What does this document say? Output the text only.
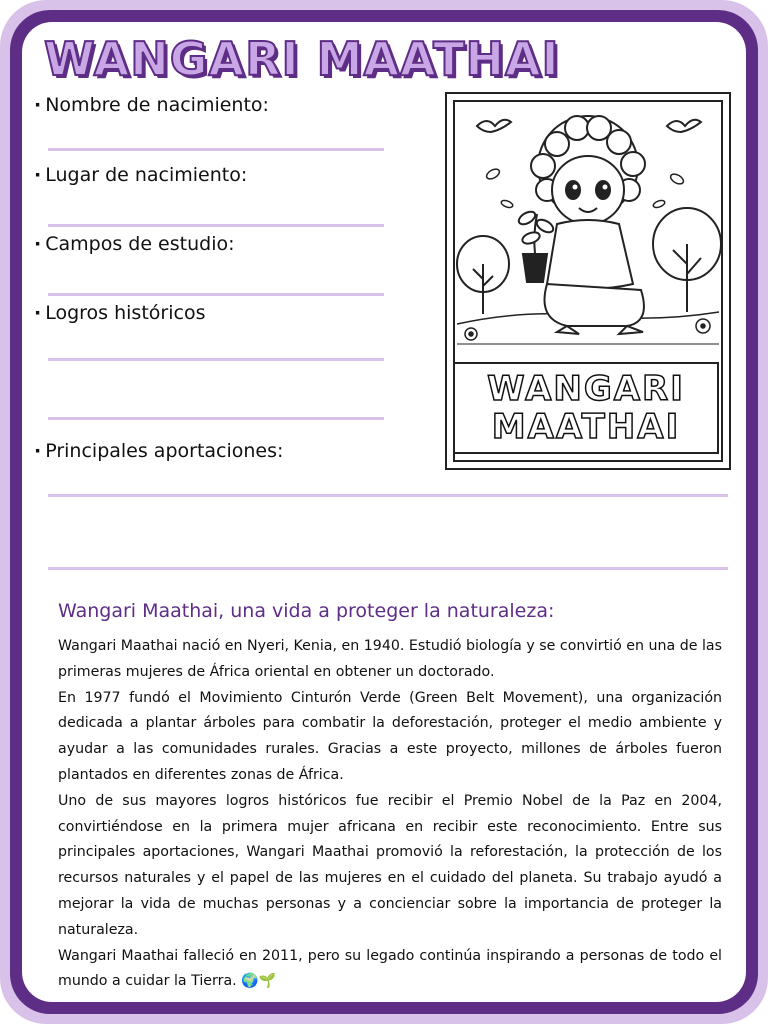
WANGARI MAATHAI
· Nombre de nacimiento:
· Lugar de nacimiento:
· Campos de estudio:
· Logros históricos
· Principales aportaciones:
WANGARI
MAATHAI
Wangari Maathai, una vida a proteger la naturaleza:

Wangari Maathai nació en Nyeri, Kenia, en 1940. Estudió biología y se convirtió en una de las primeras mujeres de África oriental en obtener un doctorado.

En 1977 fundó el Movimiento Cinturón Verde (Green Belt Movement), una organización dedicada a plantar árboles para combatir la deforestación, proteger el medio ambiente y ayudar a las comunidades rurales. Gracias a este proyecto, millones de árboles fueron plantados en diferentes zonas de África.

Uno de sus mayores logros históricos fue recibir el Premio Nobel de la Paz en 2004, convirtiéndose en la primera mujer africana en recibir este reconocimiento. Entre sus principales aportaciones, Wangari Maathai promovió la reforestación, la protección de los recursos naturales y el papel de las mujeres en el cuidado del planeta. Su trabajo ayudó a mejorar la vida de muchas personas y a concienciar sobre la importancia de proteger la naturaleza.

Wangari Maathai falleció en 2011, pero su legado continúa inspirando a personas de todo el mundo a cuidar la Tierra. 🌍🌱
